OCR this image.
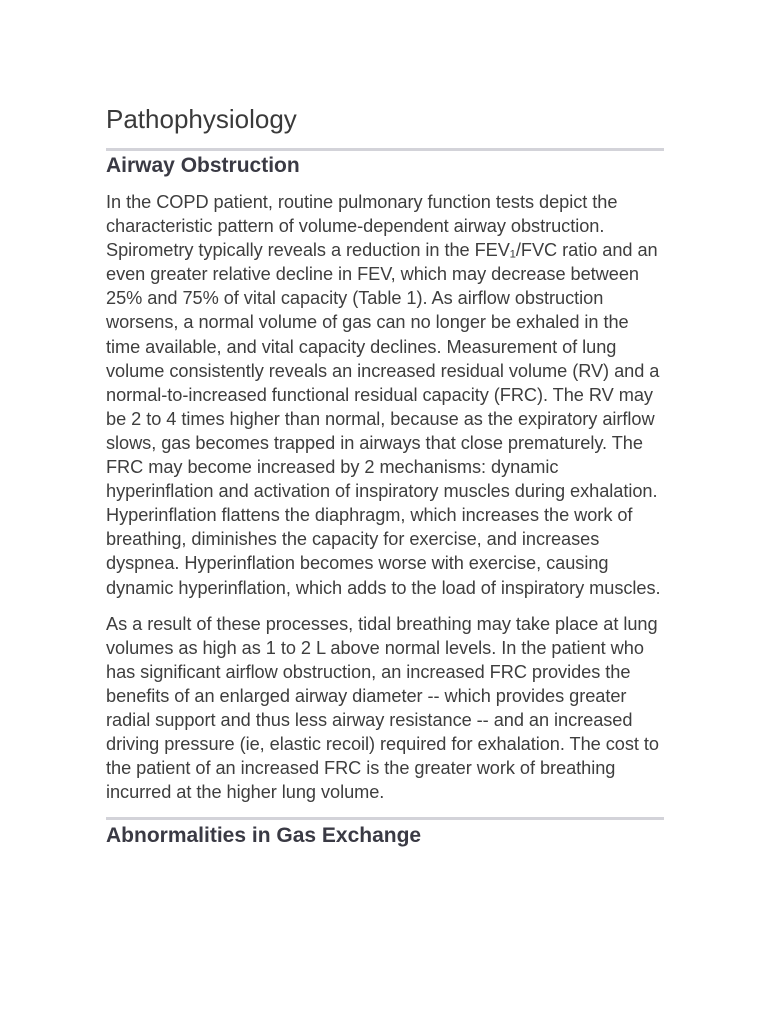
Pathophysiology
Airway Obstruction

In the COPD patient, routine pulmonary function tests depict the characteristic pattern of volume-dependent airway obstruction. Spirometry typically reveals a reduction in the FEV₁/FVC ratio and an even greater relative decline in FEV, which may decrease between 25% and 75% of vital capacity (Table 1). As airflow obstruction worsens, a normal volume of gas can no longer be exhaled in the time available, and vital capacity declines. Measurement of lung volume consistently reveals an increased residual volume (RV) and a normal-to-increased functional residual capacity (FRC). The RV may be 2 to 4 times higher than normal, because as the expiratory airflow slows, gas becomes trapped in airways that close prematurely. The FRC may become increased by 2 mechanisms: dynamic hyperinflation and activation of inspiratory muscles during exhalation. Hyperinflation flattens the diaphragm, which increases the work of breathing, diminishes the capacity for exercise, and increases dyspnea. Hyperinflation becomes worse with exercise, causing dynamic hyperinflation, which adds to the load of inspiratory muscles.

As a result of these processes, tidal breathing may take place at lung volumes as high as 1 to 2 L above normal levels. In the patient who has significant airflow obstruction, an increased FRC provides the benefits of an enlarged airway diameter -- which provides greater radial support and thus less airway resistance -- and an increased driving pressure (ie, elastic recoil) required for exhalation. The cost to the patient of an increased FRC is the greater work of breathing incurred at the higher lung volume.

Abnormalities in Gas Exchange
